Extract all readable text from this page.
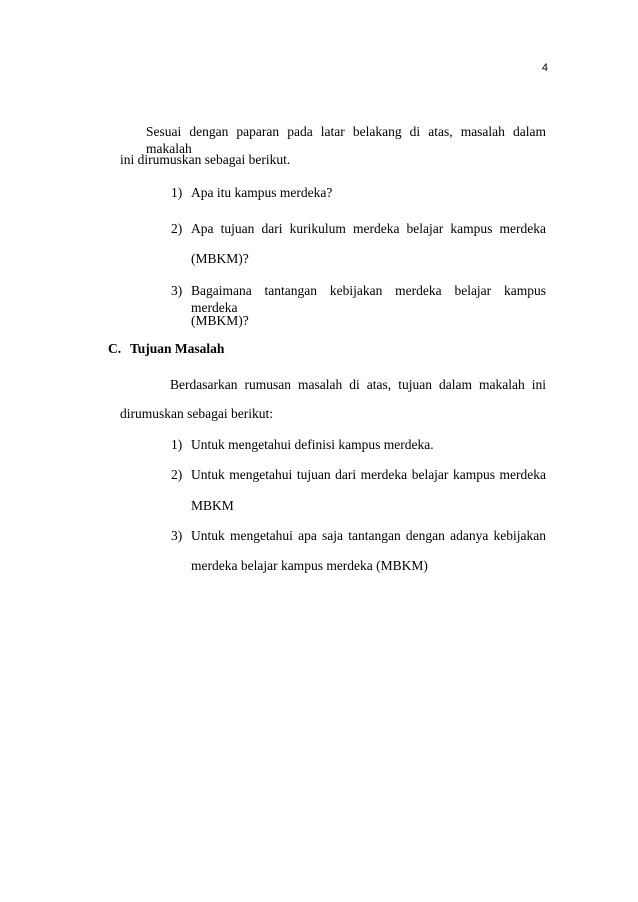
4
Sesuai dengan paparan pada latar belakang di atas, masalah dalam makalah
ini dirumuskan sebagai berikut.
1) Apa itu kampus merdeka?
2) Apa tujuan dari kurikulum merdeka belajar kampus merdeka
(MBKM)?
3) Bagaimana tantangan kebijakan merdeka belajar kampus merdeka
(MBKM)?
C. Tujuan Masalah
Berdasarkan rumusan masalah di atas, tujuan dalam makalah ini
dirumuskan sebagai berikut:
1) Untuk mengetahui definisi kampus merdeka.
2) Untuk mengetahui tujuan dari merdeka belajar kampus merdeka
MBKM
3) Untuk mengetahui apa saja tantangan dengan adanya kebijakan
merdeka belajar kampus merdeka (MBKM)
